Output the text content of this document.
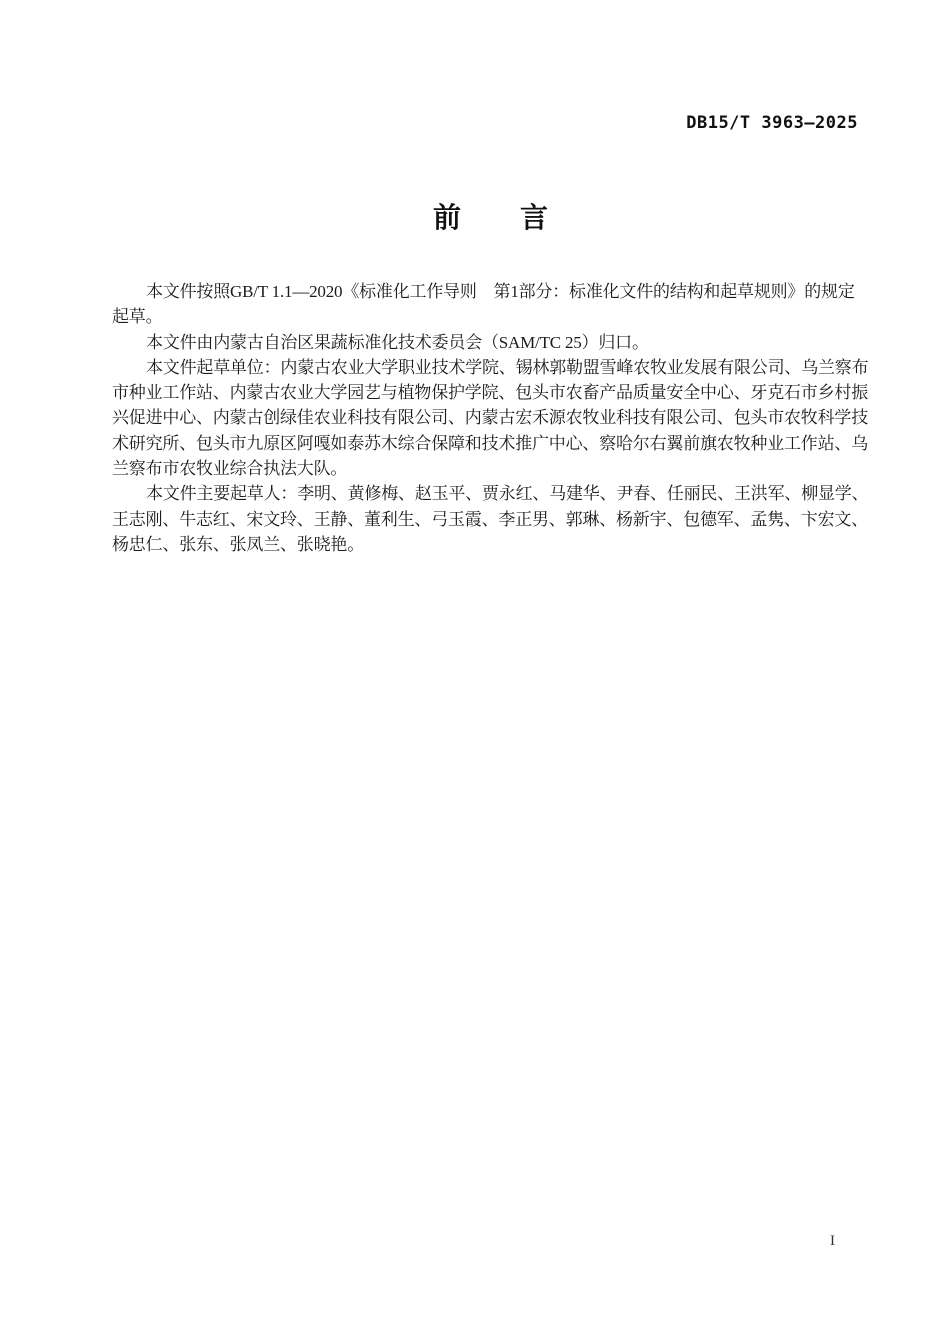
DB15/T 3963—2025
前　　言
本文件按照GB/T 1.1—2020《标准化工作导则　第1部分：标准化文件的结构和起草规则》的规定
起草。
本文件由内蒙古自治区果蔬标准化技术委员会（SAM/TC 25）归口。
本文件起草单位：内蒙古农业大学职业技术学院、锡林郭勒盟雪峰农牧业发展有限公司、乌兰察布
市种业工作站、内蒙古农业大学园艺与植物保护学院、包头市农畜产品质量安全中心、牙克石市乡村振
兴促进中心、内蒙古创绿佳农业科技有限公司、内蒙古宏禾源农牧业科技有限公司、包头市农牧科学技
术研究所、包头市九原区阿嘎如泰苏木综合保障和技术推广中心、察哈尔右翼前旗农牧种业工作站、乌
兰察布市农牧业综合执法大队。
本文件主要起草人：李明、黄修梅、赵玉平、贾永红、马建华、尹春、任丽民、王洪军、柳显学、
王志刚、牛志红、宋文玲、王静、董利生、弓玉霞、李正男、郭琳、杨新宇、包德军、孟隽、卞宏文、
杨忠仁、张东、张凤兰、张晓艳。
I
